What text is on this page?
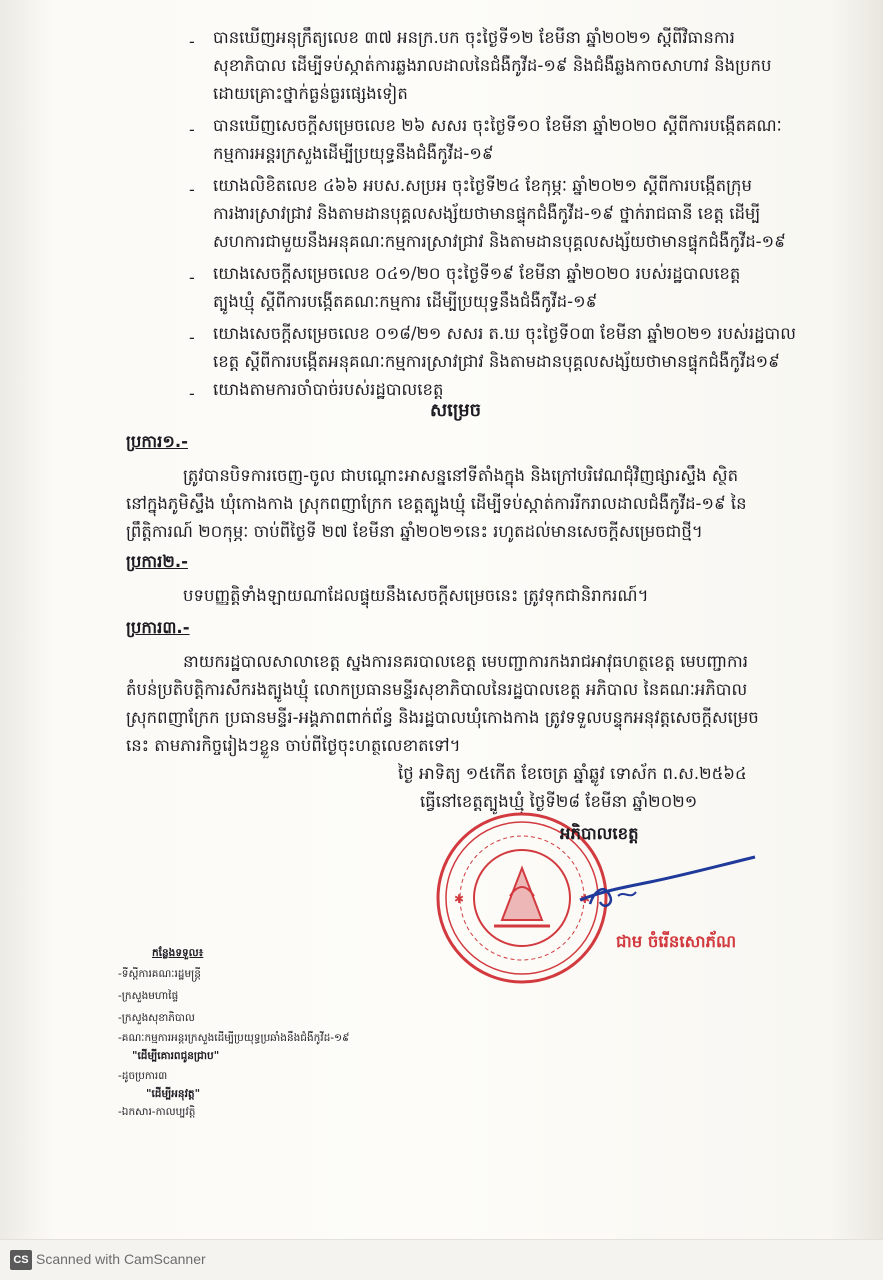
- បានឃើញអនុក្រឹត្យលេខ ៣៧ អនក្រ.បក ចុះថ្ងៃទី១២ ខែមីនា ឆ្នាំ២០២១ ស្តីពីវិធានការ
សុខាភិបាល ដើម្បីទប់ស្កាត់ការឆ្លងរាលដាលនៃជំងឺកូវីដ-១៩ និងជំងឺឆ្លងកាចសាហាវ និងប្រកប
ដោយគ្រោះថ្នាក់ធ្ងន់ធ្ងរផ្សេងទៀត
- បានឃើញសេចក្តីសម្រេចលេខ ២៦ សសរ ចុះថ្ងៃទី១០ ខែមីនា ឆ្នាំ២០២០ ស្តីពីការបង្កើតគណៈ
កម្មការអន្តរក្រសួងដើម្បីប្រយុទ្ធនឹងជំងឺកូវីដ-១៩
- យោងលិខិតលេខ ៤៦៦ អបស.សប្រអ ចុះថ្ងៃទី២៤ ខែកុម្ភៈ ឆ្នាំ២០២១ ស្តីពីការបង្កើតក្រុម
ការងារស្រាវជ្រាវ និងតាមដានបុគ្គលសង្ស័យថាមានផ្ទុកជំងឺកូវីដ-១៩ ថ្នាក់រាជធានី ខេត្ត ដើម្បី
សហការជាមួយនឹងអនុគណៈកម្មការស្រាវជ្រាវ និងតាមដានបុគ្គលសង្ស័យថាមានផ្ទុកជំងឺកូវីដ-១៩
- យោងសេចក្តីសម្រេចលេខ ០៤១/២០ ចុះថ្ងៃទី១៩ ខែមីនា ឆ្នាំ២០២០ របស់រដ្ឋបាលខេត្ត
ត្បូងឃ្មុំ ស្តីពីការបង្កើតគណៈកម្មការ ដើម្បីប្រយុទ្ធនឹងជំងឺកូវីដ-១៩
- យោងសេចក្តីសម្រេចលេខ ០១៨/២១ សសរ ត.ឃ ចុះថ្ងៃទី០៣ ខែមីនា ឆ្នាំ២០២១ របស់រដ្ឋបាល
ខេត្ត ស្តីពីការបង្កើតអនុគណៈកម្មការស្រាវជ្រាវ និងតាមដានបុគ្គលសង្ស័យថាមានផ្ទុកជំងឺកូវីដ១៩
- យោងតាមការចាំបាច់របស់រដ្ឋបាលខេត្ត
សម្រេច
ប្រការ១.-
ត្រូវបានបិទការចេញ-ចូល ជាបណ្តោះអាសន្ននៅទីតាំងក្នុង និងក្រៅបរិវេណជុំវិញផ្សារស្ទឹង ស្ថិត
នៅក្នុងភូមិស្ទឹង ឃុំកោងកាង ស្រុកពញាក្រែក ខេត្តត្បូងឃ្មុំ ដើម្បីទប់ស្កាត់ការរីករាលដាលជំងឺកូវីដ-១៩ នៃ
ព្រឹត្តិការណ៍ ២០កុម្ភៈ ចាប់ពីថ្ងៃទី ២៧ ខែមីនា ឆ្នាំ២០២១នេះ រហូតដល់មានសេចក្តីសម្រេចជាថ្មី។
ប្រការ២.-
បទបញ្ញត្តិទាំងឡាយណាដែលផ្ទុយនឹងសេចក្តីសម្រេចនេះ ត្រូវទុកជានិរាករណ៍។
ប្រការ៣.-
នាយករដ្ឋបាលសាលាខេត្ត ស្នងការនគរបាលខេត្ត មេបញ្ជាការកងរាជអាវុធហត្ថខេត្ត មេបញ្ជាការ
តំបន់ប្រតិបត្តិការសឹករងត្បូងឃ្មុំ លោកប្រធានមន្ទីរសុខាភិបាលនៃរដ្ឋបាលខេត្ត អភិបាល នៃគណៈអភិបាល
ស្រុកពញាក្រែក ប្រធានមន្ទីរ-អង្គភាពពាក់ព័ន្ធ និងរដ្ឋបាលឃុំកោងកាង ត្រូវទទួលបន្ទុកអនុវត្តសេចក្តីសម្រេច
នេះ តាមភារកិច្ចរៀងៗខ្លួន ចាប់ពីថ្ងៃចុះហត្ថលេខាតទៅ។
ថ្ងៃ អាទិត្យ ១៥កើត ខែចេត្រ ឆ្នាំឆ្លូវ ទោស័ក ព.ស.២៥៦៤
ធ្វើនៅខេត្តត្បូងឃ្មុំ ថ្ងៃទី២៨ ខែមីនា ឆ្នាំ២០២១
✱	✱
អភិបាលខេត្ត
ជាម ចំរើនសោភ័ណ
កន្លែងទទួល៖
-ទីស្តីការគណៈរដ្ឋមន្ត្រី
-ក្រសួងមហាផ្ទៃ
-ក្រសួងសុខាភិបាល
-គណៈកម្មការអន្តរក្រសួងដើម្បីប្រយុទ្ធប្រឆាំងនឹងជំងឺកូវីដ-១៩
"ដើម្បីគោរពជូនជ្រាប"
-ដូចប្រការ៣
"ដើម្បីអនុវត្ត"
-ឯកសារ-កាលប្បវត្តិ
CS Scanned with CamScanner
